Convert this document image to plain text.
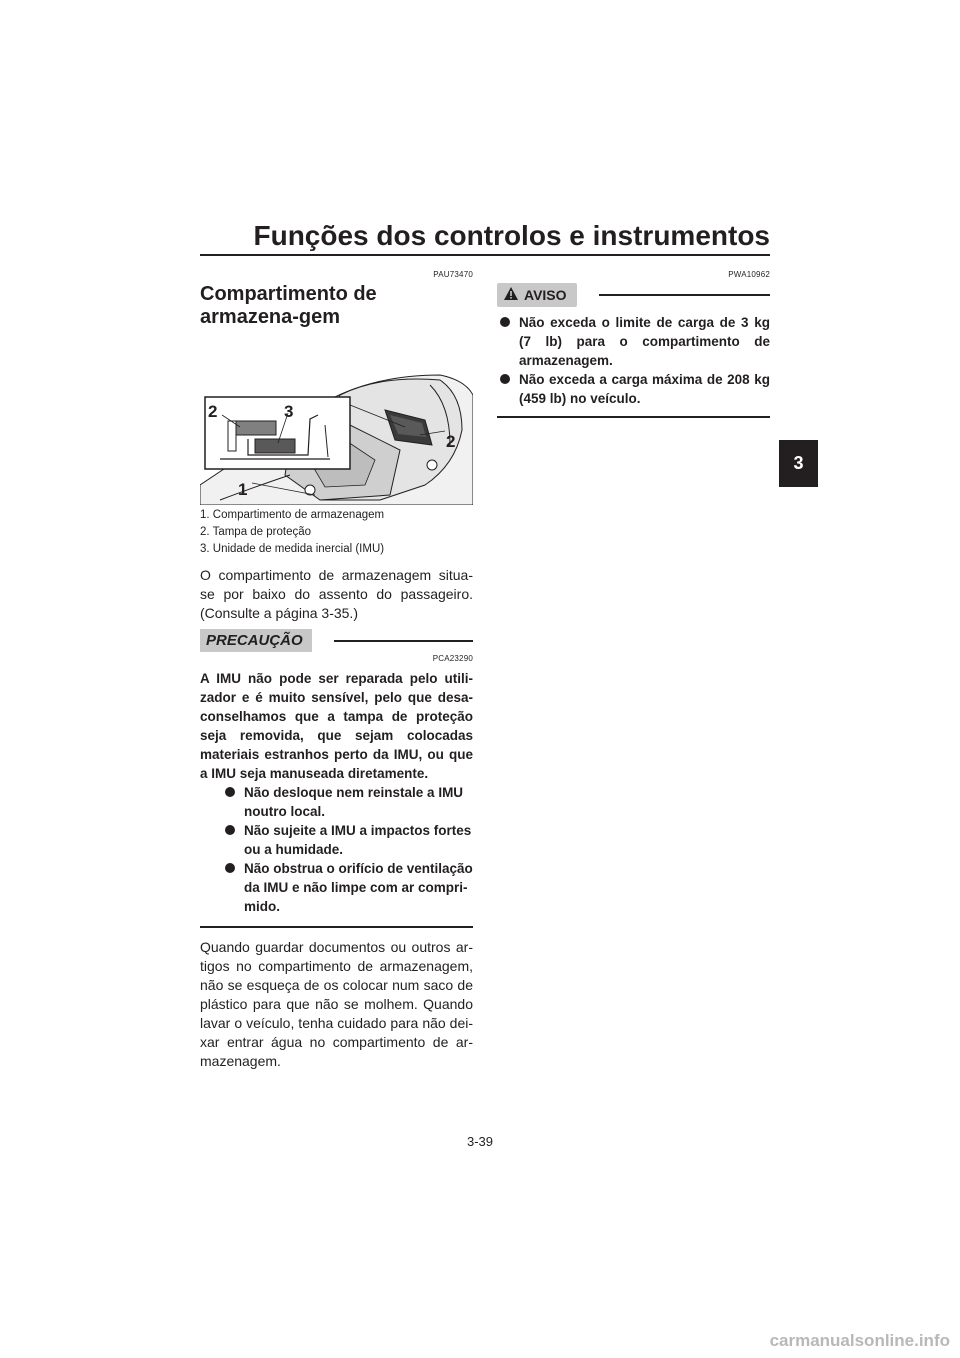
Funções dos controlos e instrumentos
3
PAU73470
Compartimento de armazena-gem
2	3
2
1
1. Compartimento de armazenagem
2. Tampa de proteção
3. Unidade de medida inercial (IMU)
O compartimento de armazenagem situa-se por baixo do assento do passageiro. (Consulte a página 3-35.)
PRECAUÇÃO
PCA23290
A IMU não pode ser reparada pelo utili-zador e é muito sensível, pelo que desa-conselhamos que a tampa de proteção seja removida, que sejam colocadas materiais estranhos perto da IMU, ou que a IMU seja manuseada diretamente.
Não desloque nem reinstale a IMU noutro local.
Não sujeite a IMU a impactos fortes ou a humidade.
Não obstrua o orifício de ventilação da IMU e não limpe com ar compri-mido.
Quando guardar documentos ou outros ar-tigos no compartimento de armazenagem, não se esqueça de os colocar num saco de plástico para que não se molhem. Quando lavar o veículo, tenha cuidado para não dei-xar entrar água no compartimento de ar-mazenagem.
PWA10962
AVISO
Não exceda o limite de carga de 3 kg (7 lb) para o compartimento de armazenagem.
Não exceda a carga máxima de 208 kg (459 lb) no veículo.
3-39
carmanualsonline.info
